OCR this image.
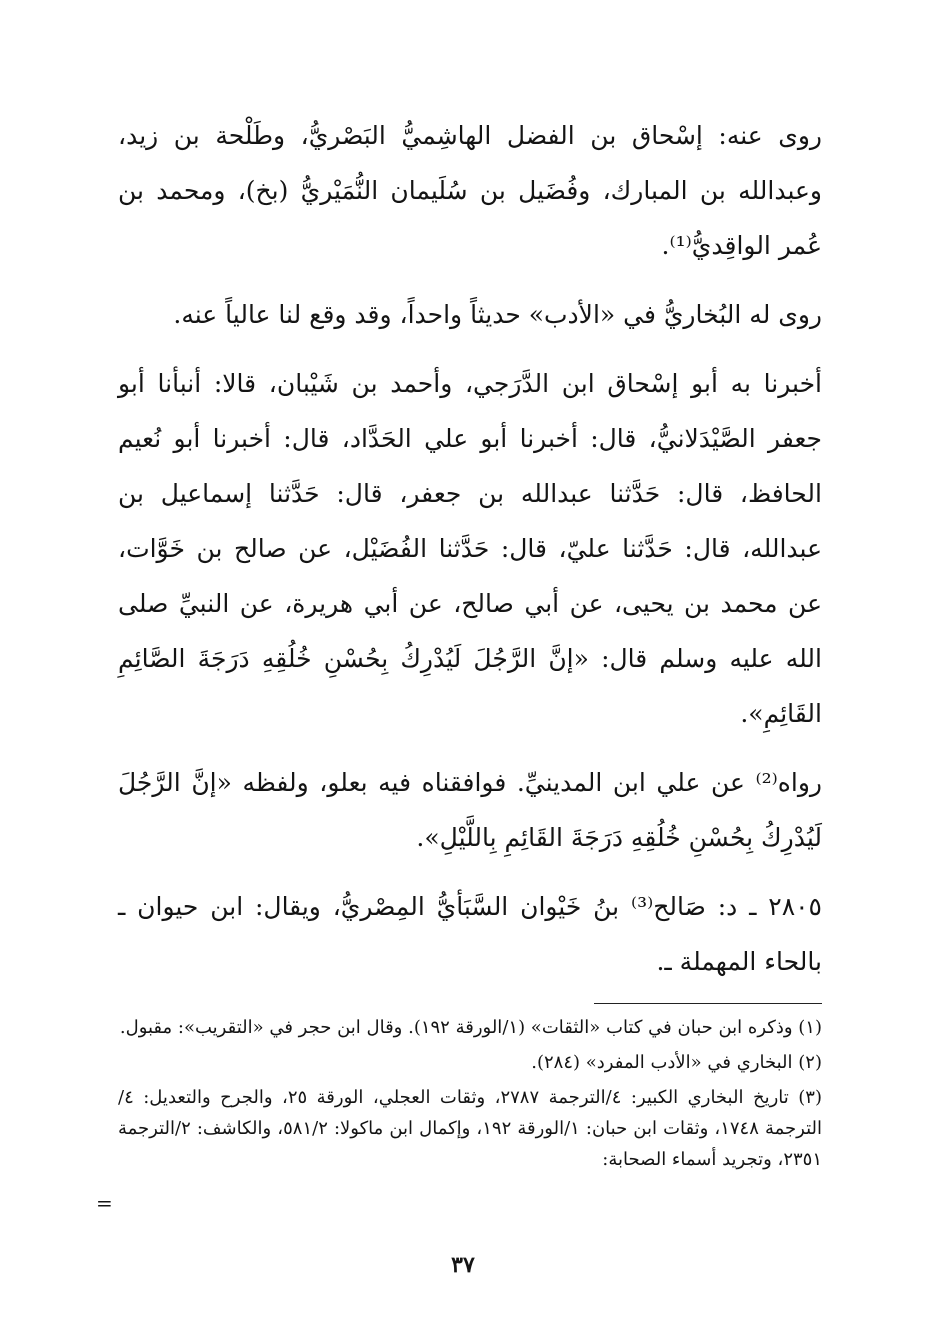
روى عنه: إسْحاق بن الفضل الهاشِميُّ البَصْريُّ، وطَلْحة بن زيد، وعبدالله بن المبارك، وفُضَيل بن سُلَيمان النُّمَيْريُّ (بخ)، ومحمد بن عُمر الواقِديُّ⁽¹⁾.

روى له البُخاريُّ في «الأدب» حديثاً واحداً، وقد وقع لنا عالياً عنه.

أخبرنا به أبو إسْحاق ابن الدَّرَجي، وأحمد بن شَيْبان، قالا: أنبأنا أبو جعفر الصَّيْدَلانيُّ، قال: أخبرنا أبو علي الحَدَّاد، قال: أخبرنا أبو نُعيم الحافظ، قال: حَدَّثنا عبدالله بن جعفر، قال: حَدَّثنا إسماعيل بن عبدالله، قال: حَدَّثنا عليّ، قال: حَدَّثنا الفُضَيْل، عن صالح بن خَوَّات، عن محمد بن يحيى، عن أبي صالح، عن أبي هريرة، عن النبيِّ صلى الله عليه وسلم قال: «إنَّ الرَّجُلَ لَيُدْرِكُ بِحُسْنِ خُلُقِهِ دَرَجَةَ الصَّائِمِ القَائِمِ».

رواه⁽²⁾ عن علي ابن المدينيِّ. فوافقناه فيه بعلو، ولفظه «إنَّ الرَّجُلَ لَيُدْرِكُ بِحُسْنِ خُلُقِهِ دَرَجَةَ القَائِمِ بِاللَّيْلِ».

٢٨٠٥ ـ د: صَالح⁽³⁾ بنُ خَيْوان السَّبَأيُّ المِصْريُّ، ويقال: ابن حيوان ـ بالحاء المهملة ـ.

(١) وذكره ابن حبان في كتاب «الثقات» (١/الورقة ١٩٢). وقال ابن حجر في «التقريب»: مقبول.

(٢) البخاري في «الأدب المفرد» (٢٨٤).

(٣) تاريخ البخاري الكبير: ٤/الترجمة ٢٧٨٧، وثقات العجلي، الورقة ٢٥، والجرح والتعديل: ٤/الترجمة ١٧٤٨، وثقات ابن حبان: ١/الورقة ١٩٢، وإكمال ابن ماكولا: ٥٨١/٢، والكاشف: ٢/الترجمة ٢٣٥١، وتجريد أسماء الصحابة:

=
٣٧
